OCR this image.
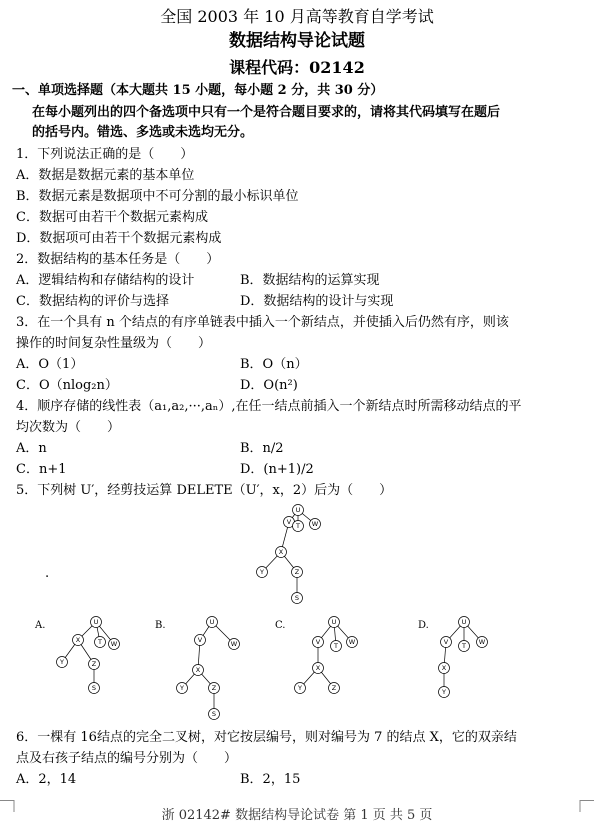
全国 2003 年 10 月高等教育自学考试
数据结构导论试题
课程代码：02142
一、单项选择题（本大题共 15 小题，每小题 2 分，共 30 分）
在每小题列出的四个备选项中只有一个是符合题目要求的，请将其代码填写在题后
的括号内。错选、多选或未选均无分。
1．下列说法正确的是（　　）
A．数据是数据元素的基本单位
B．数据元素是数据项中不可分割的最小标识单位
C．数据可由若干个数据元素构成
D．数据项可由若干个数据元素构成
2．数据结构的基本任务是（　　）
A．逻辑结构和存储结构的设计	B．数据结构的运算实现
C．数据结构的评价与选择	D．数据结构的设计与实现
3．在一个具有 n 个结点的有序单链表中插入一个新结点，并使插入后仍然有序，则该
操作的时间复杂性量级为（　　）
A．O（1）	B．O（n）
C．O（nlog₂n）	D．O(n²)
4．顺序存储的线性表（a₁,a₂,···,aₙ）,在任一结点前插入一个新结点时所需移动结点的平
均次数为（　　）
A．n	B．n/2
C．n+1	D．(n+1)/2
5．下列树 U′，经剪技运算 DELETE（U′，x，2）后为（　　）
U
V T W
X
Y	Z
S
.
A.	U
X	T W
Y	Z
S
B.	U
V	W
X
Y	Z
S
C.	U
V T W
X
Y	Z
D.	U
V T W
X
Y
6．一棵有 16结点的完全二叉树，对它按层编号，则对编号为 7 的结点 X，它的双亲结
点及右孩子结点的编号分别为（　　）
A．2，14	B．2，15
浙 02142# 数据结构导论试卷 第 1 页 共 5 页
